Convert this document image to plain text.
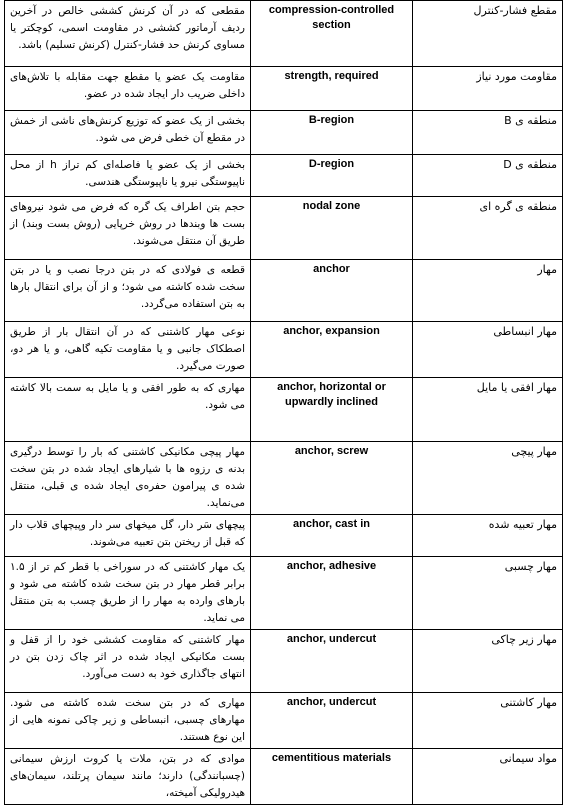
مقطعی که در آن کرنش کششی خالص در آخرین ردیف آرماتور کششی در مقاومت اسمی، کوچکتر یا مساوی کرنش حد فشار-کنترل (کرنش تسلیم) باشد.	compression-controlled section	مقطع فشار-کنترل
مقاومت یک عضو یا مقطع جهت مقابله با تلاش‌های داخلی ضریب دار ایجاد شده در عضو.	strength, required	مقاومت مورد نیاز
بخشی از یک عضو که توزیع کرنش‌های ناشی از خمش در مقطع آن خطی فرض می شود.	B-region	منطقه ی B
بخشی از یک عضو یا فاصله‌ای کم تراز h از محل ناپیوستگی نیرو یا ناپیوستگی هندسی.	D-region	منطقه ی D
حجم بتن اطراف یک گره که فرض می شود نیروهای بست ها وبندها در روش خرپایی (روش بست وبند) از طریق آن منتقل می‌شوند.	nodal zone	منطقه ی گره ای
قطعه ی فولادی که در بتن درجا نصب و یا در بتن سخت شده کاشته می شود؛ و از آن برای انتقال بارها به بتن استفاده می‌گردد.	anchor	مهار
نوعی مهار کاشتنی که در آن انتقال بار از طریق اصطکاک جانبی و یا مقاومت تکیه گاهی، و یا هر دو، صورت می‌گیرد.	anchor, expansion	مهار انبساطی
مهاری که به طور افقی و یا مایل به سمت بالا کاشته می شود.	anchor, horizontal or upwardly inclined	مهار افقی یا مایل
مهار پیچی مکانیکی کاشتنی که بار را توسط درگیری بدنه ی رزوه ها با شیارهای ایجاد شده در بتن سخت شده ی پیرامون حفره‌ی ایجاد شده ی قبلی، منتقل می‌نماید.	anchor, screw	مهار پیچی
پیچهای سَر دار، گل میخهای سر دار وپیچهای قلاب دار که قبل از ریختن بتن تعبیه می‌شوند.	anchor, cast in	مهار تعبیه شده
یک مهار کاشتنی که در سوراخی با قطر کم تر از ۱.۵ برابر قطر مهار در بتن سخت شده کاشته می شود و بارهای وارده به مهار را از طریق چسب به بتن منتقل می نماید.	anchor, adhesive	مهار چسبی
مهار کاشتنی که مقاومت کششی خود را از قفل و بست مکانیکی ایجاد شده در اثر چاک زدن بتن در انتهای جاگذاری خود به دست می‌آورد.	anchor, undercut	مهار زیر چاکی
مهاری که در بتن سخت شده کاشته می شود. مهارهای چسبی، انبساطی و زیر چاکی نمونه هایی از این نوع هستند.	anchor, undercut	مهار کاشتنی
موادی که در بتن، ملات یا کروت ارزش سیمانی (چسبانندگی) دارند؛ مانند سیمان پرتلند، سیمان‌های هیدرولیکی آمیخته،	cementitious materials	مواد سیمانی
